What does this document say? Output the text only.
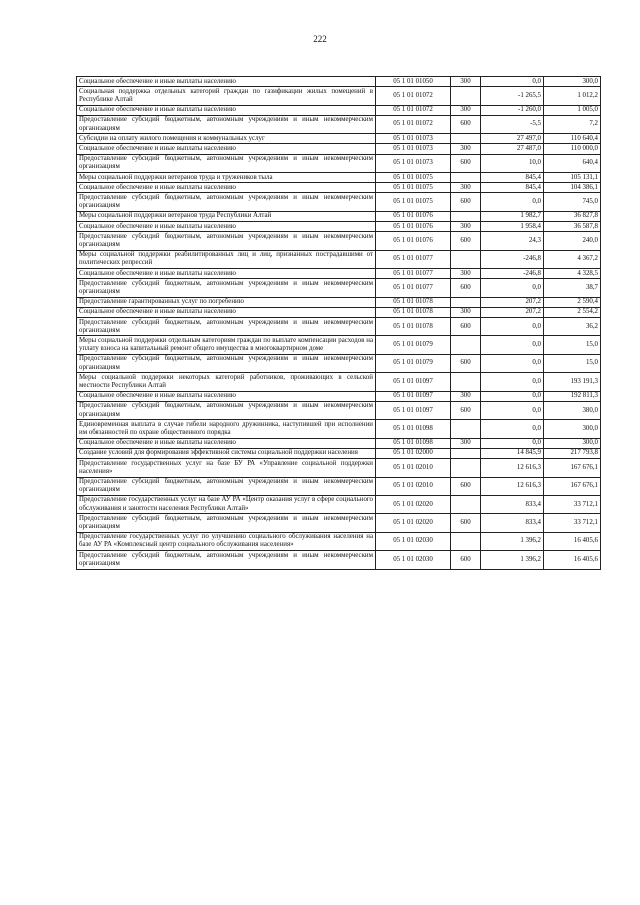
222
Социальное обеспечение и иные выплаты населению	05 1 01 01050	300	0,0	300,0
Социальная поддержка отдельных категорий граждан по газификации жилых помещений в Республике Алтай	05 1 01 01072		-1 265,5	1 012,2
Социальное обеспечение и иные выплаты населению	05 1 01 01072	300	-1 260,0	1 005,0
Предоставление субсидий бюджетным, автономным учреждениям и иным некоммерческим организациям	05 1 01 01072	600	-5,5	7,2
Субсидии на оплату жилого помещения и коммунальных услуг	05 1 01 01073		27 497,0	110 640,4
Социальное обеспечение и иные выплаты населению	05 1 01 01073	300	27 487,0	110 000,0
Предоставление субсидий бюджетным, автономным учреждениям и иным некоммерческим организациям	05 1 01 01073	600	10,0	640,4
Меры социальной поддержки ветеранов труда и тружеников тыла	05 1 01 01075		845,4	105 131,1
Социальное обеспечение и иные выплаты населению	05 1 01 01075	300	845,4	104 386,1
Предоставление субсидий бюджетным, автономным учреждениям и иным некоммерческим организациям	05 1 01 01075	600	0,0	745,0
Меры социальной поддержки ветеранов труда Республики Алтай	05 1 01 01076		1 982,7	36 827,8
Социальное обеспечение и иные выплаты населению	05 1 01 01076	300	1 958,4	36 587,8
Предоставление субсидий бюджетным, автономным учреждениям и иным некоммерческим организациям	05 1 01 01076	600	24,3	240,0
Меры социальной поддержки реабилитированных лиц и лиц, признанных пострадавшими от политических репрессий	05 1 01 01077		-246,8	4 367,2
Социальное обеспечение и иные выплаты населению	05 1 01 01077	300	-246,8	4 328,5
Предоставление субсидий бюджетным, автономным учреждениям и иным некоммерческим организациям	05 1 01 01077	600	0,0	38,7
Предоставление гарантированных услуг по погребению	05 1 01 01078		207,2	2 590,4
Социальное обеспечение и иные выплаты населению	05 1 01 01078	300	207,2	2 554,2
Предоставление субсидий бюджетным, автономным учреждениям и иным некоммерческим организациям	05 1 01 01078	600	0,0	36,2
Меры социальной поддержки отдельным категориям граждан по выплате компенсации расходов на уплату взноса на капитальный ремонт общего имущества в многоквартирном доме	05 1 01 01079		0,0	15,0
Предоставление субсидий бюджетным, автономным учреждениям и иным некоммерческим организациям	05 1 01 01079	600	0,0	15,0
Меры социальной поддержки некоторых категорий работников, проживающих в сельской местности Республики Алтай	05 1 01 01097		0,0	193 191,3
Социальное обеспечение и иные выплаты населению	05 1 01 01097	300	0,0	192 811,3
Предоставление субсидий бюджетным, автономным учреждениям и иным некоммерческим организациям	05 1 01 01097	600	0,0	380,0
Единовременная выплата в случае гибели народного дружинника, наступившей при исполнении им обязанностей по охране общественного порядка	05 1 01 01098		0,0	300,0
Социальное обеспечение и иные выплаты населению	05 1 01 01098	300	0,0	300,0
Создание условий для формирования эффективной системы социальной поддержки населения	05 1 01 02000		14 845,9	217 793,8
Предоставление государственных услуг на базе БУ РА «Управление социальной поддержки населения»	05 1 01 02010		12 616,3	167 676,1
Предоставление субсидий бюджетным, автономным учреждениям и иным некоммерческим организациям	05 1 01 02010	600	12 616,3	167 676,1
Предоставление государственных услуг на базе АУ РА «Центр оказания услуг в сфере социального обслуживания и занятости населения Республики Алтай»	05 1 01 02020		833,4	33 712,1
Предоставление субсидий бюджетным, автономным учреждениям и иным некоммерческим организациям	05 1 01 02020	600	833,4	33 712,1
Предоставление государственных услуг по улучшению социального обслуживания населения на базе АУ РА «Комплексный центр социального обслуживания населения»	05 1 01 02030		1 396,2	16 405,6
Предоставление субсидий бюджетным, автономным учреждениям и иным некоммерческим организациям	05 1 01 02030	600	1 396,2	16 405,6
